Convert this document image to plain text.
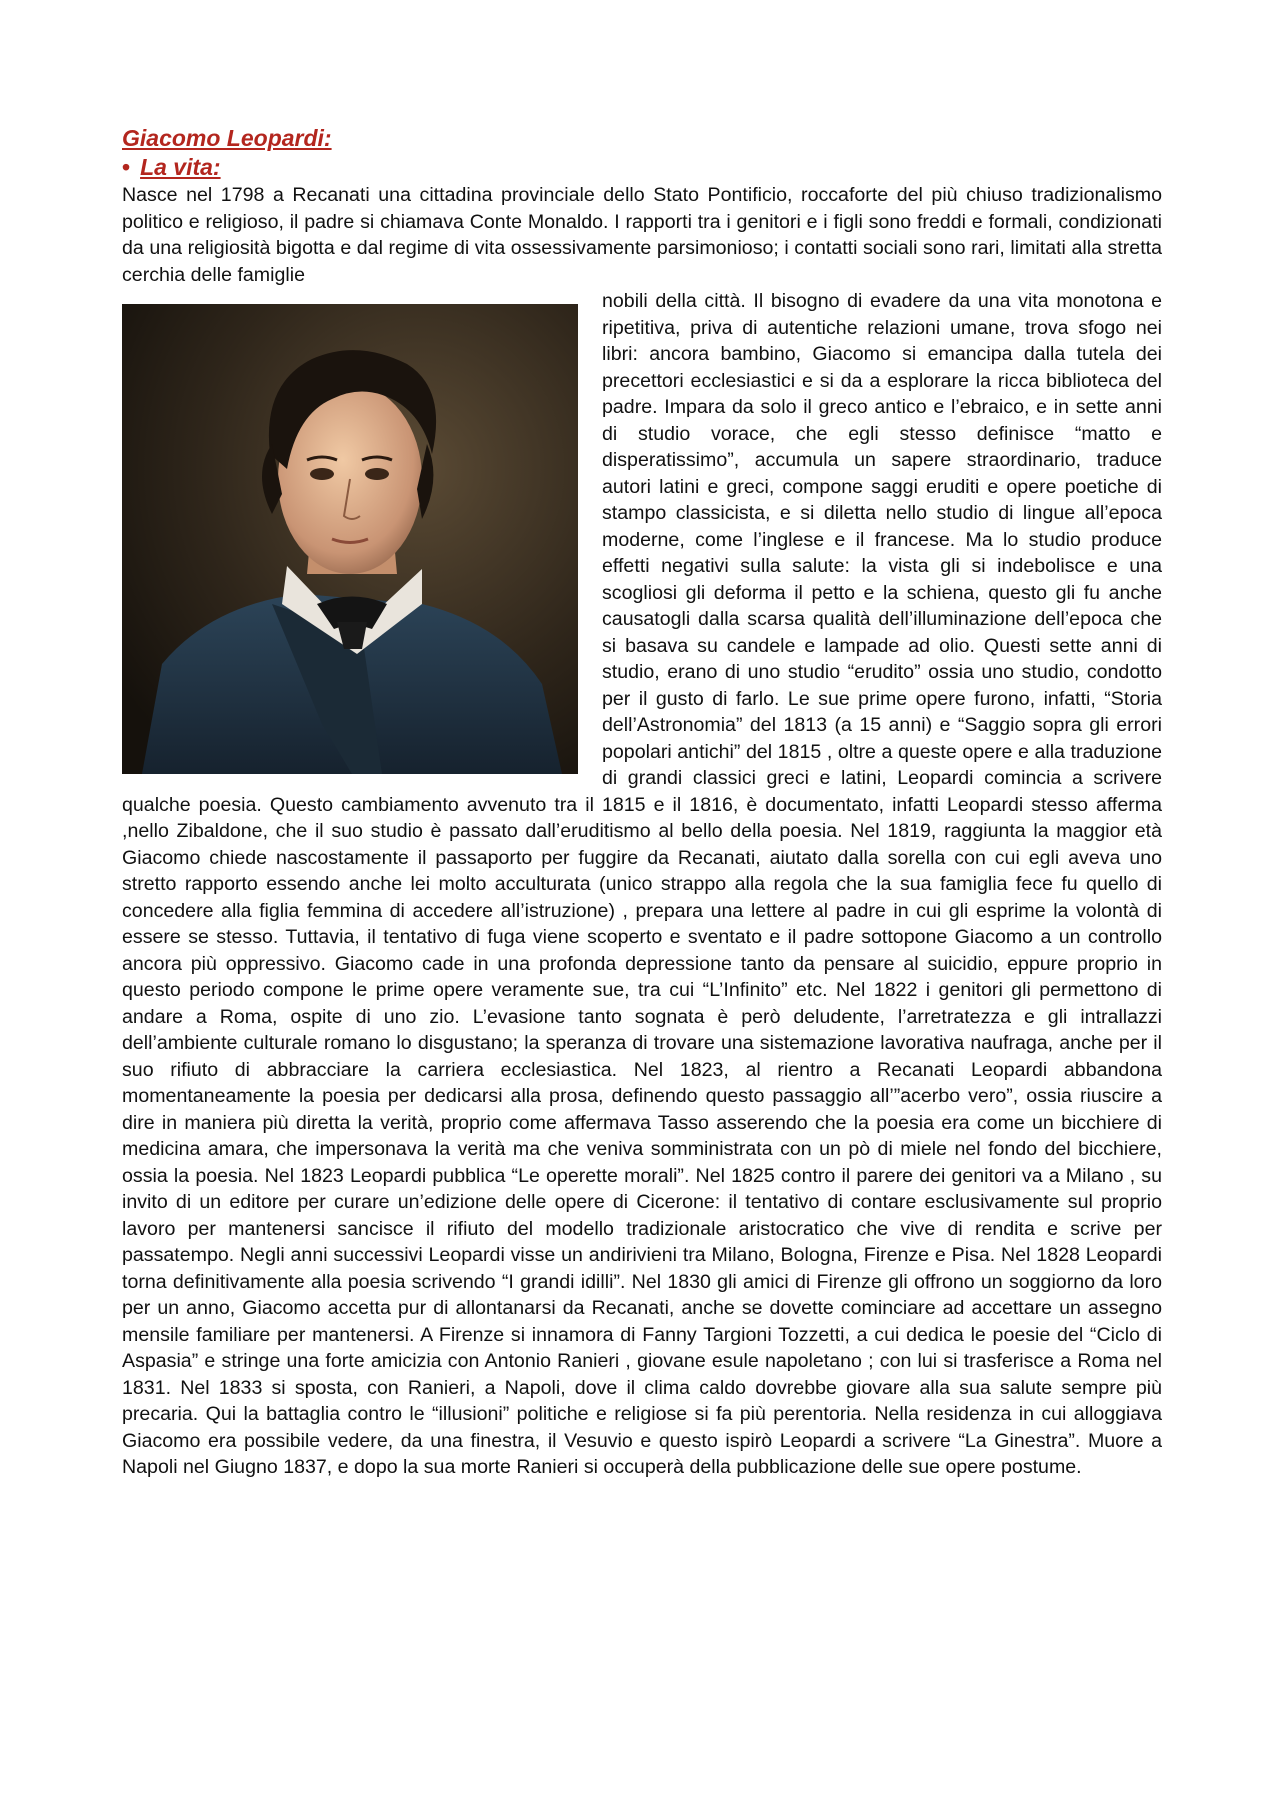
Giacomo Leopardi:

• La vita:

Nasce nel 1798 a Recanati una cittadina provinciale dello Stato Pontificio, roccaforte del più chiuso tradizionalismo politico e religioso, il padre si chiamava Conte Monaldo. I rapporti tra i genitori e i figli sono freddi e formali, condizionati da una religiosità bigotta e dal regime di vita ossessivamente parsimonioso; i contatti sociali sono rari, limitati alla stretta cerchia delle famiglie

nobili della città. Il bisogno di evadere da una vita monotona e ripetitiva, priva di autentiche relazioni umane, trova sfogo nei libri: ancora bambino, Giacomo si emancipa dalla tutela dei precettori ecclesiastici e si da a esplorare la ricca biblioteca del padre. Impara da solo il greco antico e l’ebraico, e in sette anni di studio vorace, che egli stesso definisce “matto e disperatissimo”, accumula un sapere straordinario, traduce autori latini e greci, compone saggi eruditi e opere poetiche di stampo classicista, e si diletta nello studio di lingue all’epoca moderne, come l’inglese e il francese. Ma lo studio produce effetti negativi sulla salute: la vista gli si indebolisce e una scogliosi gli deforma il petto e la schiena, questo gli fu anche causatogli dalla scarsa qualità dell’illuminazione dell’epoca che si basava su candele e lampade ad olio. Questi sette anni di studio, erano di uno studio “erudito” ossia uno studio, condotto per il gusto di farlo. Le sue prime opere furono, infatti, “Storia dell’Astronomia” del 1813 (a 15 anni) e “Saggio sopra gli errori popolari antichi” del 1815 , oltre a queste opere e alla traduzione di grandi classici greci e latini, Leopardi comincia a scrivere qualche poesia. Questo cambiamento avvenuto tra il 1815 e il 1816, è documentato, infatti Leopardi stesso afferma ,nello Zibaldone, che il suo studio è passato dall’eruditismo al bello della poesia. Nel 1819, raggiunta la maggior età Giacomo chiede nascostamente il passaporto per fuggire da Recanati, aiutato dalla sorella con cui egli aveva uno stretto rapporto essendo anche lei molto acculturata (unico strappo alla regola che la sua famiglia fece fu quello di concedere alla figlia femmina di accedere all’istruzione) , prepara una lettere al padre in cui gli esprime la volontà di essere se stesso. Tuttavia, il tentativo di fuga viene scoperto e sventato e il padre sottopone Giacomo a un controllo ancora più oppressivo. Giacomo cade in una profonda depressione tanto da pensare al suicidio, eppure proprio in questo periodo compone le prime opere veramente sue, tra cui “L’Infinito” etc. Nel 1822 i genitori gli permettono di andare a Roma, ospite di uno zio. L’evasione tanto sognata è però deludente, l’arretratezza e gli intrallazzi dell’ambiente culturale romano lo disgustano; la speranza di trovare una sistemazione lavorativa naufraga, anche per il suo rifiuto di abbracciare la carriera ecclesiastica. Nel 1823, al rientro a Recanati Leopardi abbandona momentaneamente la poesia per dedicarsi alla prosa, definendo questo passaggio all’”acerbo vero”, ossia riuscire a dire in maniera più diretta la verità, proprio come affermava Tasso asserendo che la poesia era come un bicchiere di medicina amara, che impersonava la verità ma che veniva somministrata con un pò di miele nel fondo del bicchiere, ossia la poesia. Nel 1823 Leopardi pubblica “Le operette morali”. Nel 1825 contro il parere dei genitori va a Milano , su invito di un editore per curare un’edizione delle opere di Cicerone: il tentativo di contare esclusivamente sul proprio lavoro per mantenersi sancisce il rifiuto del modello tradizionale aristocratico che vive di rendita e scrive per passatempo. Negli anni successivi Leopardi visse un andirivieni tra Milano, Bologna, Firenze e Pisa. Nel 1828 Leopardi torna definitivamente alla poesia scrivendo “I grandi idilli”. Nel 1830 gli amici di Firenze gli offrono un soggiorno da loro per un anno, Giacomo accetta pur di allontanarsi da Recanati, anche se dovette cominciare ad accettare un assegno mensile familiare per mantenersi. A Firenze si innamora di Fanny Targioni Tozzetti, a cui dedica le poesie del “Ciclo di Aspasia” e stringe una forte amicizia con Antonio Ranieri , giovane esule napoletano ; con lui si trasferisce a Roma nel 1831. Nel 1833 si sposta, con Ranieri, a Napoli, dove il clima caldo dovrebbe giovare alla sua salute sempre più precaria. Qui la battaglia contro le “illusioni” politiche e religiose si fa più perentoria. Nella residenza in cui alloggiava Giacomo era possibile vedere, da una finestra, il Vesuvio e questo ispirò Leopardi a scrivere “La Ginestra”. Muore a Napoli nel Giugno 1837, e dopo la sua morte Ranieri si occuperà della pubblicazione delle sue opere postume.
